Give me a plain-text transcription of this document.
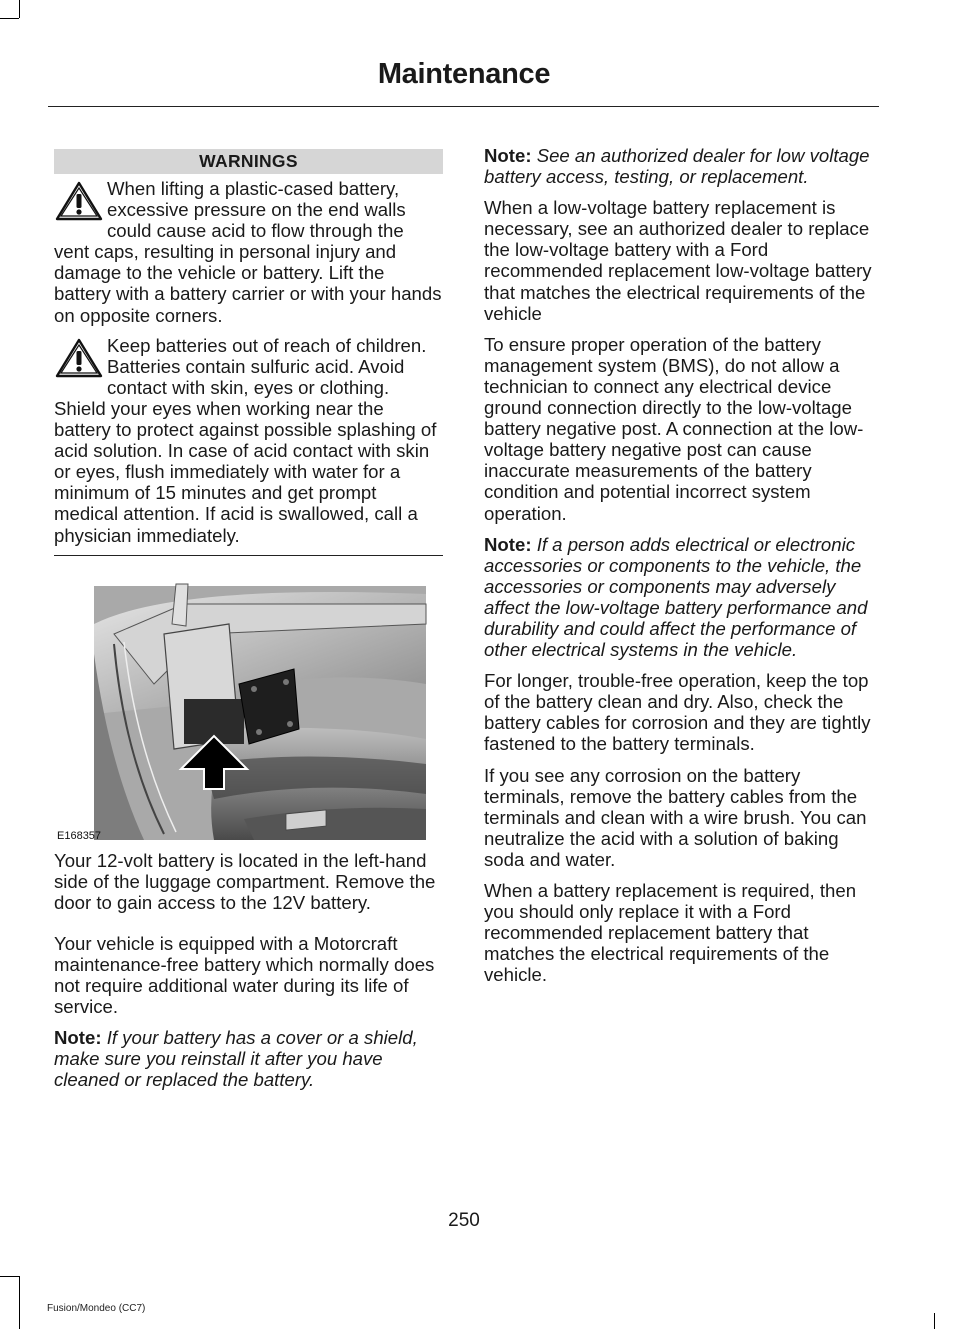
Maintenance
WARNINGS
When lifting a plastic-cased battery, excessive pressure on the end walls could cause acid to flow through the vent caps, resulting in personal injury and damage to the vehicle or battery. Lift the battery with a battery carrier or with your hands on opposite corners.
Keep batteries out of reach of children. Batteries contain sulfuric acid. Avoid contact with skin, eyes or clothing. Shield your eyes when working near the battery to protect against possible splashing of acid solution. In case of acid contact with skin or eyes, flush immediately with water for a minimum of 15 minutes and get prompt medical attention. If acid is swallowed, call a physician immediately.
E168357

Your 12-volt battery is located in the left-hand side of the luggage compartment. Remove the door to gain access to the 12V battery.

Your vehicle is equipped with a Motorcraft maintenance-free battery which normally does not require additional water during its life of service.

Note: If your battery has a cover or a shield, make sure you reinstall it after you have cleaned or replaced the battery.

Note: See an authorized dealer for low voltage battery access, testing, or replacement.

When a low-voltage battery replacement is necessary, see an authorized dealer to replace the low-voltage battery with a Ford recommended replacement low-voltage battery that matches the electrical requirements of the vehicle

To ensure proper operation of the battery management system (BMS), do not allow a technician to connect any electrical device ground connection directly to the low-voltage battery negative post. A connection at the low-voltage battery negative post can cause inaccurate measurements of the battery condition and potential incorrect system operation.

Note: If a person adds electrical or electronic accessories or components to the vehicle, the accessories or components may adversely affect the low-voltage battery performance and durability and could affect the performance of other electrical systems in the vehicle.

For longer, trouble-free operation, keep the top of the battery clean and dry. Also, check the battery cables for corrosion and they are tightly fastened to the battery terminals.

If you see any corrosion on the battery terminals, remove the battery cables from the terminals and clean with a wire brush. You can neutralize the acid with a solution of baking soda and water.

When a battery replacement is required, then you should only replace it with a Ford recommended replacement battery that matches the electrical requirements of the vehicle.

250
Fusion/Mondeo (CC7)
